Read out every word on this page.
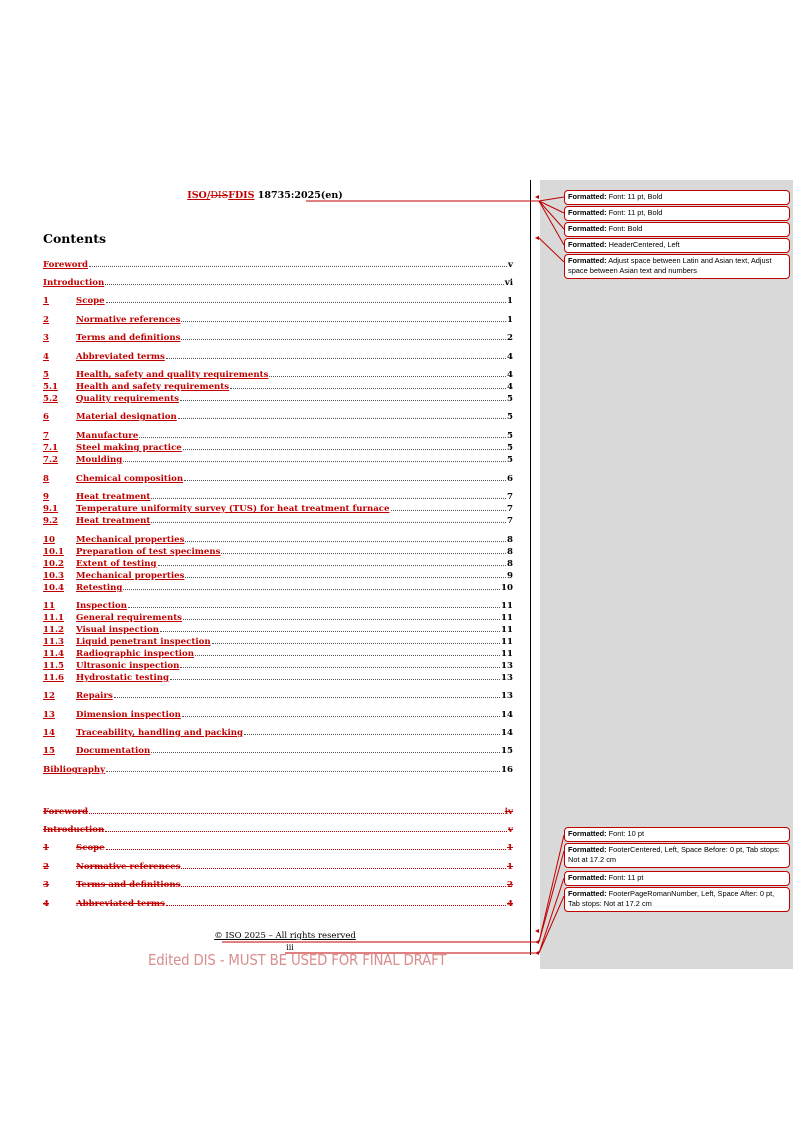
ISO/DISFDIS 18735:2025(en)
Contents
Foreword	v
Introduction	vi
1	Scope	1
2	Normative references	1
3	Terms and definitions	2
4	Abbreviated terms	4
5	Health, safety and quality requirements	4
5.1	Health and safety requirements	4
5.2	Quality requirements	5
6	Material designation	5
7	Manufacture	5
7.1	Steel making practice	5
7.2	Moulding	5
8	Chemical composition	6
9	Heat treatment	7
9.1	Temperature uniformity survey (TUS) for heat treatment furnace	7
9.2	Heat treatment	7
10	Mechanical properties	8
10.1	Preparation of test specimens	8
10.2	Extent of testing	8
10.3	Mechanical properties	9
10.4	Retesting	10
11	Inspection	11
11.1	General requirements	11
11.2	Visual inspection	11
11.3	Liquid penetrant inspection	11
11.4	Radiographic inspection	11
11.5	Ultrasonic inspection	13
11.6	Hydrostatic testing	13
12	Repairs	13
13	Dimension inspection	14
14	Traceability, handling and packing	14
15	Documentation	15
Bibliography	16
Foreword	iv
Introduction	v
1	Scope	1
2	Normative references	1
3	Terms and definitions	2
4	Abbreviated terms	4
© ISO 2025 – All rights reserved
iii
Edited DIS - MUST BE USED FOR FINAL DRAFT
Formatted: Font: 11 pt, Bold
Formatted: Font: 11 pt, Bold
Formatted: Font: Bold
Formatted: HeaderCentered, Left
Formatted: Adjust space between Latin and Asian text, Adjust space between Asian text and numbers
Formatted: Font: 10 pt
Formatted: FooterCentered, Left, Space Before: 0 pt, Tab stops: Not at 17.2 cm
Formatted: Font: 11 pt
Formatted: FooterPageRomanNumber, Left, Space After: 0 pt, Tab stops: Not at 17.2 cm
